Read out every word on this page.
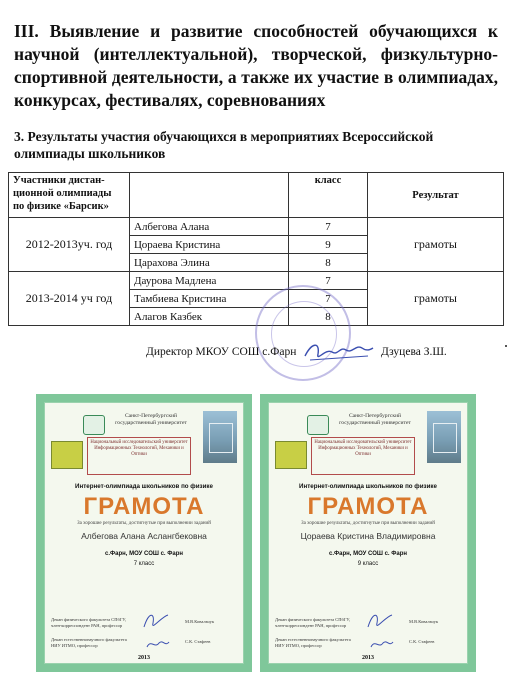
III. Выявление и развитие способностей обучающихся к научной (интеллектуальной), творческой, физкультурно-спортивной деятельности, а также их участие в олимпиадах, конкурсах, фестивалях, соревнованиях
3. Результаты участия обучающихся в мероприятиях Всероссийской олимпиады школьников
Участники дистан-ционной олимпиады по физике «Барсик»		класс	Результат
2012-2013уч. год	Албегова Алана	7	грамоты
	Цораева Кристина	9	
	Царахова Элина	8	
2013-2014 уч год	Даурова Мадлена	7	грамоты
	Тамбиева Кристина	7	
	Алагов Казбек	8	
Директор МКОУ СОШ с.Фарн	Дзуцева З.Ш.
Санкт-Петербургский государственный университет
Национальный исследовательский университет Информационных Технологий, Механики и Оптики
Интернет-олимпиада школьников по физике
ГРАМОТА
За хорошие результаты, достигнутые при выполнении заданий
Албегова Алана Аслангбековна
с.Фарн, МОУ СОШ с. Фарн
7 класс
Декан физического факультета СПбГУ, член-корреспондент РАН, профессор
М.В.Ковальчук
Декан естественнонаучного факультета НИУ ИТМО, профессор
С.К. Стафеев
2013
Санкт-Петербургский государственный университет
Национальный исследовательский университет Информационных Технологий, Механики и Оптики
Интернет-олимпиада школьников по физике
ГРАМОТА
За хорошие результаты, достигнутые при выполнении заданий
Цораева Кристина Владимировна
с.Фарн, МОУ СОШ с. Фарн
9 класс
Декан физического факультета СПбГУ, член-корреспондент РАН, профессор
М.В.Ковальчук
Декан естественнонаучного факультета НИУ ИТМО, профессор
С.К. Стафеев
2013
